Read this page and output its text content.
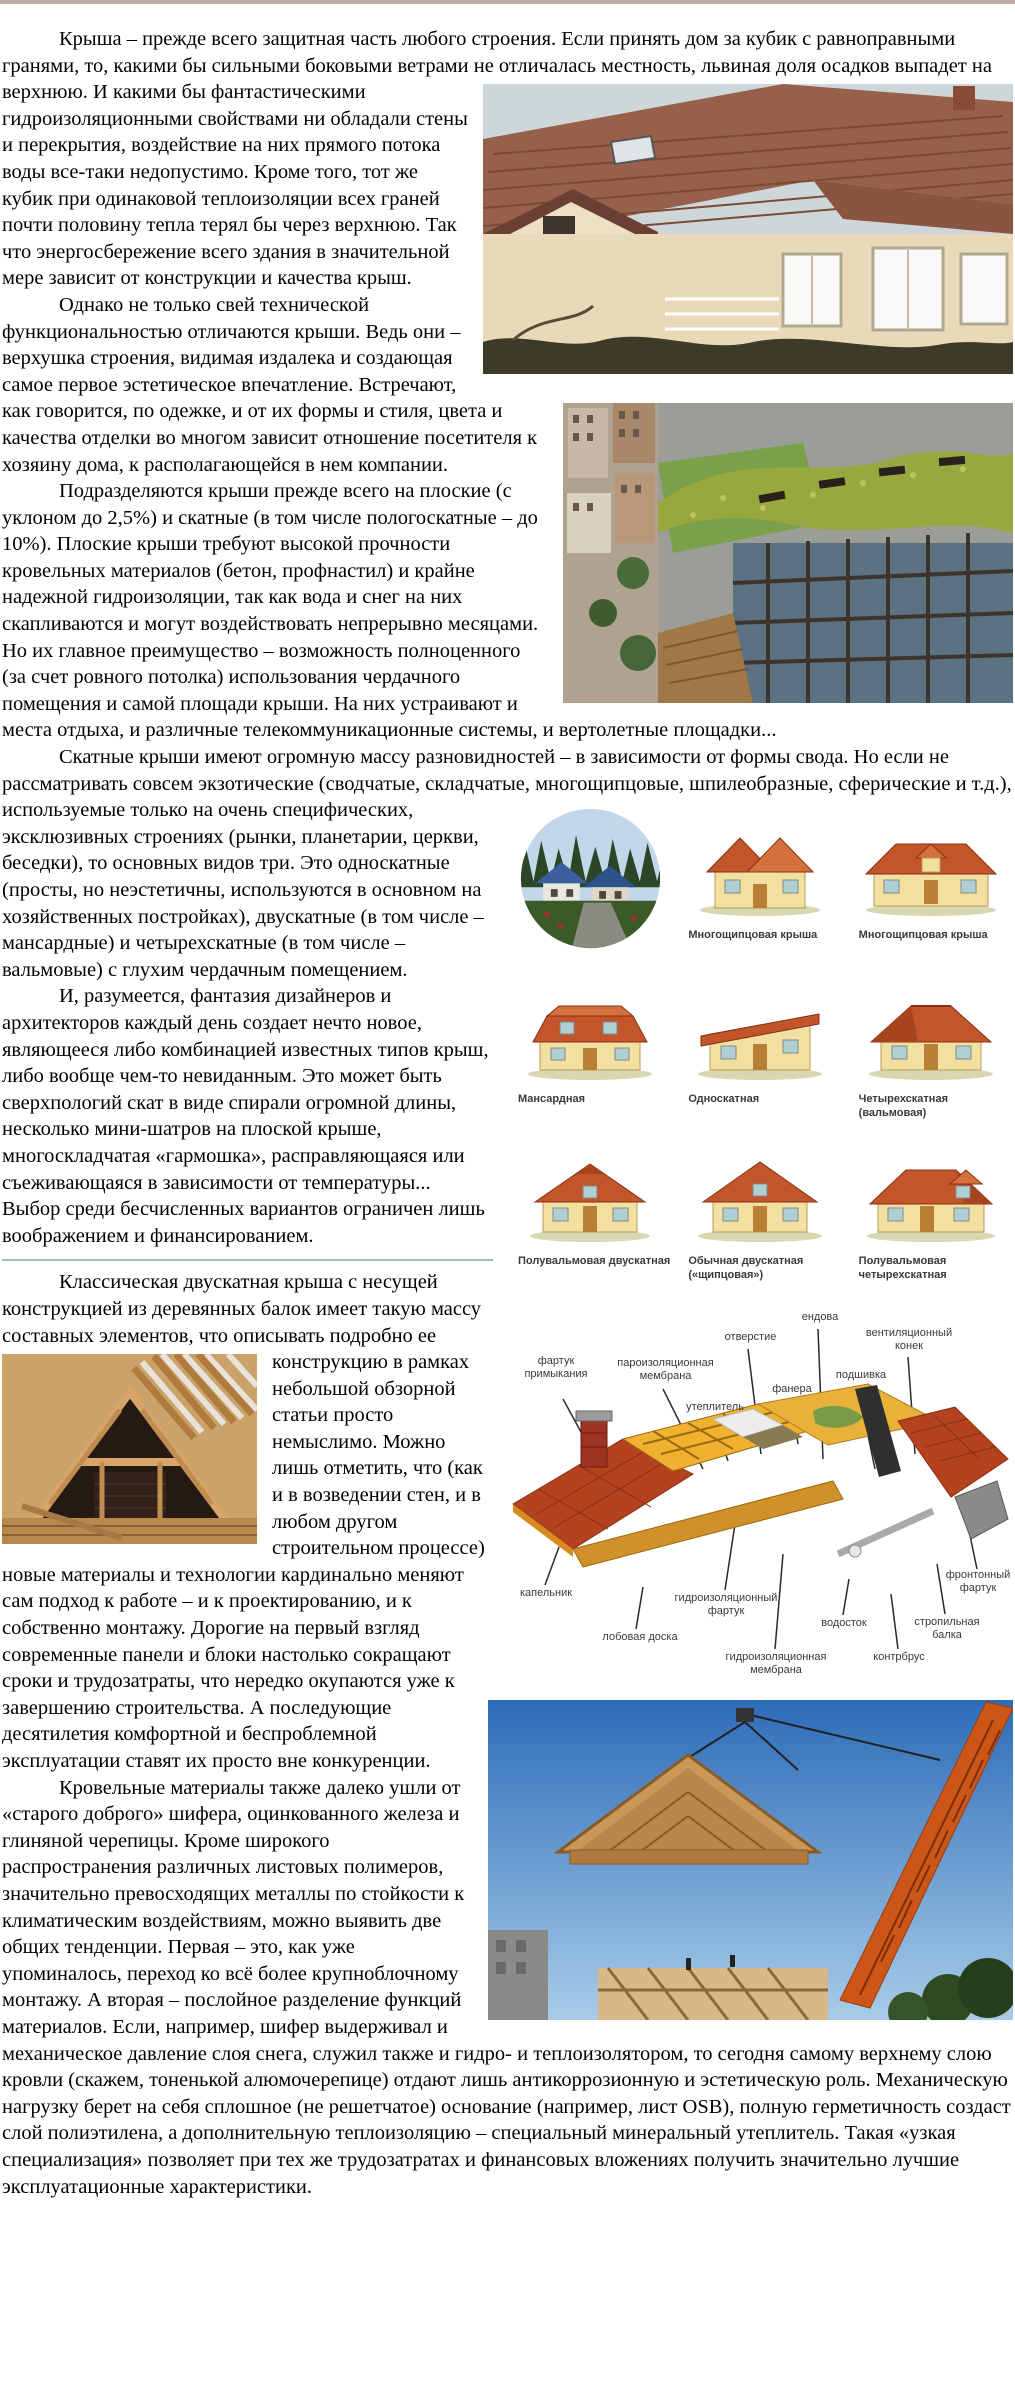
Крыша – прежде всего защитная часть любого строения. Если принять дом за кубик с равноправными гранями, то, какими бы сильными боковыми ветрами не отличалась местность,
львиная доля осадков выпадет на верхнюю. И какими бы фантастическими гидроизоляционными свойствами ни обладали стены и перекрытия, воздействие на них прямого потока воды все-таки недопустимо. Кроме того, тот же кубик при одинаковой теплоизоляции всех граней почти половину тепла терял бы через верхнюю. Так что энергосбережение всего здания в значительной мере зависит от конструкции и качества крыш.

Однако не только свей технической функциональностью отличаются крыши. Ведь они – верхушка строения, видимая издалека и создающая самое первое эстетическое впечатление. Встречают, как говорится, по одежке, и от их формы и
стиля, цвета и качества отделки во многом зависит отношение посетителя к хозяину дома, к располагающейся в нем компании.

Подразделяются крыши прежде всего на плоские (с уклоном до 2,5%) и скатные (в том числе пологоскатные – до 10%). Плоские крыши требуют высокой прочности кровельных материалов (бетон, профнастил) и крайне надежной гидроизоляции, так как вода и снег на них скапливаются и могут воздействовать непрерывно месяцами. Но их главное преимущество – возможность полноценного (за счет ровного потолка) использования чердачного помещения и самой площади крыши. На них устраивают и места отдыха, и различные телекоммуникационные системы, и вертолетные площадки...

Скатные крыши имеют огромную массу разновидностей – в зависимости от формы свода. Но если не рассматривать совсем экзотические (сводчатые, складчатые, многощипцовые,
Многощипцовая крыша	Многощипцовая крыша
Мансардная	Односкатная	Четырехскатная (вальмовая)
Полувальмовая двускатная	Обычная двускатная («щипцовая»)
Полувальмовая четырехскатная
шпилеобразные, сферические и т.д.), используемые только на очень специфических, эксклюзивных строениях (рынки, планетарии, церкви, беседки), то основных видов три. Это односкатные (просты, но неэстетичны, используются в основном на хозяйственных постройках), двускатные (в том числе – мансардные) и четырехскатные (в том числе – вальмовые) с глухим чердачным помещением.

И, разумеется, фантазия дизайнеров и архитекторов каждый день создает нечто новое, являющееся либо комбинацией известных типов крыш, либо вообще чем-то невиданным. Это может быть сверхпологий скат в виде спирали огромной длины, несколько мини-шатров на плоской крыше, многоскладчатая «гармошка», расправляющаяся или съеживающаяся в зависимости от температуры... Выбор среди бесчисленных вариантов ограничен лишь воображением и финансированием.

фартук примыкания
пароизоляционная мембрана
утеплитель
отверстие
фанера
ендова
подшивка
вентиляционный конек
капельник
лобовая доска
гидроизоляционный фартук
гидроизоляционная мембрана
водосток
контрбрус
стропильная балка
фронтонный фартук
Классическая двускатная крыша с несущей конструкцией из деревянных балок имеет такую массу составных элементов, что описывать подробно ее конструкцию в рамках
небольшой обзорной статьи просто немыслимо. Можно лишь отметить, что (как и в возведении стен, и в любом другом строительном процессе) новые материалы и технологии кардинально меняют сам подход к работе – и к проектированию, и к собственно монтажу. Дорогие на первый взгляд современные панели и блоки настолько сокращают сроки и
трудозатраты, что нередко окупаются уже к завершению строительства. А последующие десятилетия комфортной и беспроблемной эксплуатации ставят их просто вне конкуренции.

Кровельные материалы также далеко ушли от «старого доброго» шифера, оцинкованного железа и глиняной черепицы. Кроме широкого распространения различных листовых полимеров, значительно превосходящих металлы по стойкости к климатическим воздействиям, можно выявить две общих тенденции. Первая – это, как уже упоминалось, переход ко всё более крупноблочному монтажу. А вторая – послойное разделение функций материалов. Если, например, шифер выдерживал и механическое давление слоя снега, служил также и гидро- и теплоизолятором, то сегодня самому верхнему слою кровли (скажем, тоненькой алюмочерепице) отдают лишь антикоррозионную и эстетическую роль. Механическую нагрузку берет на себя сплошное (не решетчатое) основание (например, лист OSB), полную герметичность создаст слой полиэтилена, а дополнительную теплоизоляцию – специальный минеральный утеплитель. Такая «узкая специализация» позволяет при тех же трудозатратах и финансовых вложениях получить значительно лучшие эксплуатационные характеристики.
